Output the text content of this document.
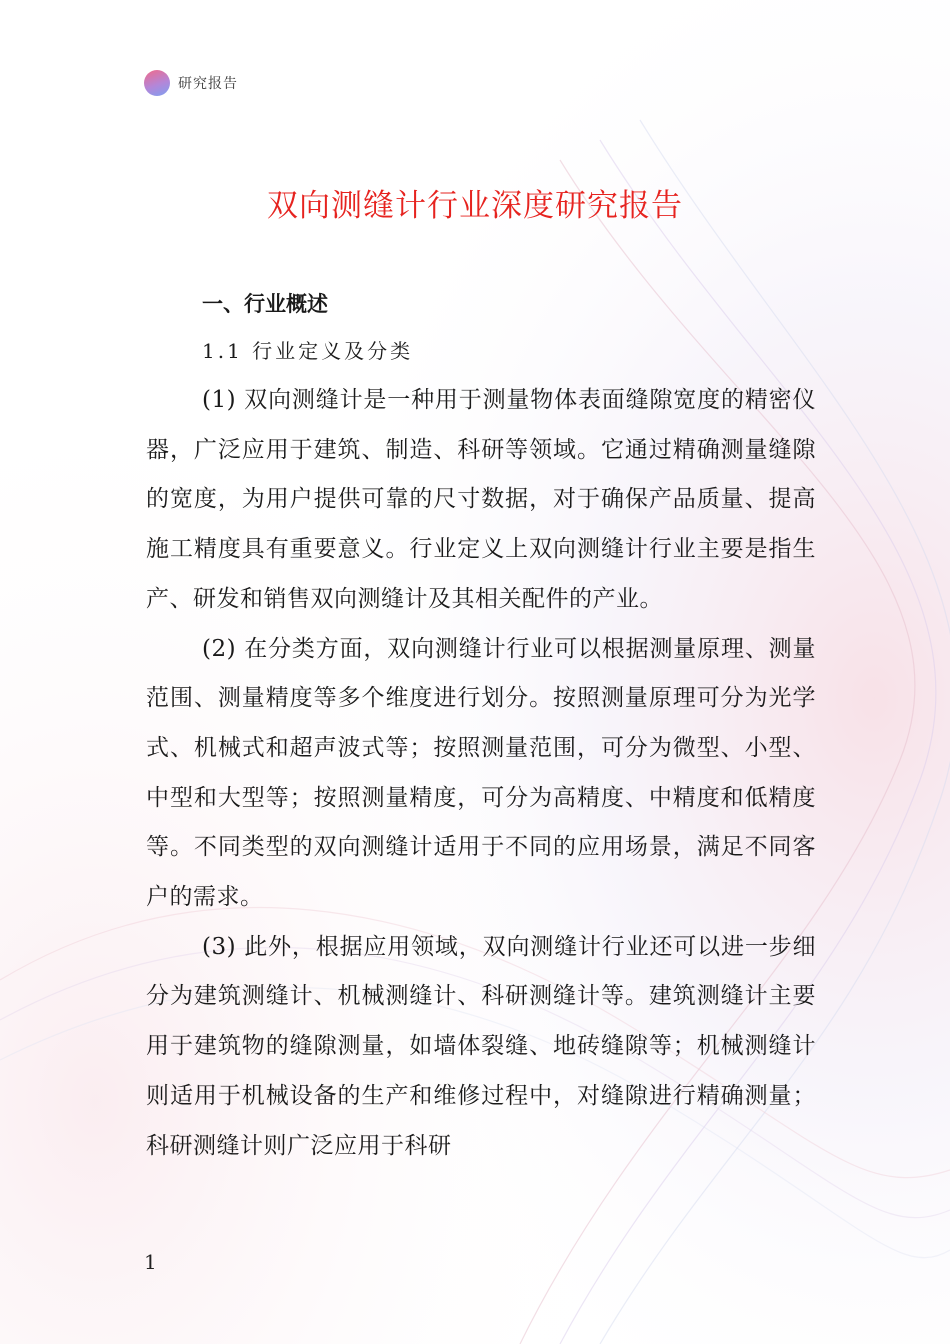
研究报告
双向测缝计行业深度研究报告
一、行业概述
1.1 行业定义及分类

(1) 双向测缝计是一种用于测量物体表面缝隙宽度的精密仪器，广泛应用于建筑、制造、科研等领域。它通过精确测量缝隙的宽度，为用户提供可靠的尺寸数据，对于确保产品质量、提高施工精度具有重要意义。行业定义上双向测缝计行业主要是指生产、研发和销售双向测缝计及其相关配件的产业。

(2) 在分类方面，双向测缝计行业可以根据测量原理、测量范围、测量精度等多个维度进行划分。按照测量原理可分为光学式、机械式和超声波式等；按照测量范围，可分为微型、小型、中型和大型等；按照测量精度，可分为高精度、中精度和低精度等。不同类型的双向测缝计适用于不同的应用场景，满足不同客户的需求。

(3) 此外，根据应用领域，双向测缝计行业还可以进一步细分为建筑测缝计、机械测缝计、科研测缝计等。建筑测缝计主要用于建筑物的缝隙测量，如墙体裂缝、地砖缝隙等；机械测缝计则适用于机械设备的生产和维修过程中，对缝隙进行精确测量；科研测缝计则广泛应用于科研

1
